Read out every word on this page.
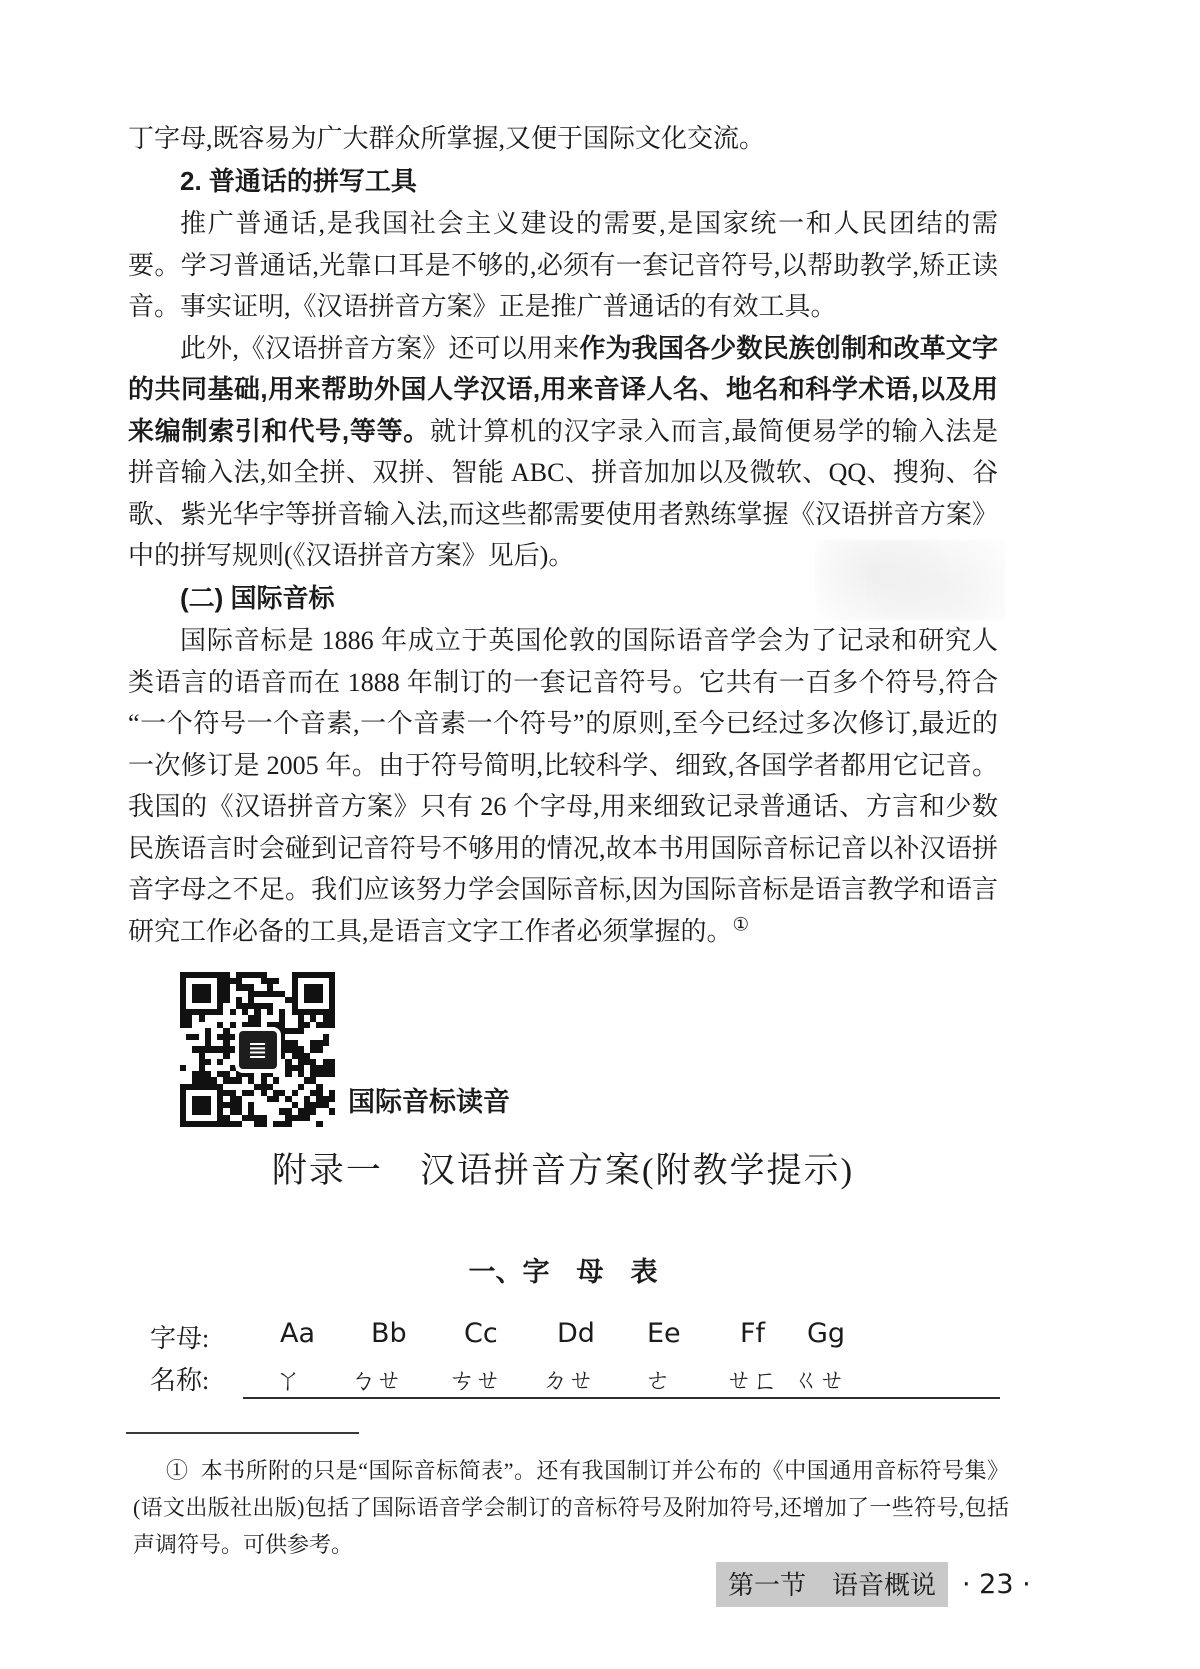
丁字母,既容易为广大群众所掌握,又便于国际文化交流。

2. 普通话的拼写工具

推广普通话,是我国社会主义建设的需要,是国家统一和人民团结的需要。学习普通话,光靠口耳是不够的,必须有一套记音符号,以帮助教学,矫正读音。事实证明,《汉语拼音方案》正是推广普通话的有效工具。

此外,《汉语拼音方案》还可以用来作为我国各少数民族创制和改革文字的共同基础,用来帮助外国人学汉语,用来音译人名、地名和科学术语,以及用来编制索引和代号,等等。就计算机的汉字录入而言,最简便易学的输入法是拼音输入法,如全拼、双拼、智能 ABC、拼音加加以及微软、QQ、搜狗、谷歌、紫光华宇等拼音输入法,而这些都需要使用者熟练掌握《汉语拼音方案》中的拼写规则(《汉语拼音方案》见后)。

(二) 国际音标

国际音标是 1886 年成立于英国伦敦的国际语音学会为了记录和研究人类语言的语音而在 1888 年制订的一套记音符号。它共有一百多个符号,符合“一个符号一个音素,一个音素一个符号”的原则,至今已经过多次修订,最近的一次修订是 2005 年。由于符号简明,比较科学、细致,各国学者都用它记音。我国的《汉语拼音方案》只有 26 个字母,用来细致记录普通话、方言和少数民族语言时会碰到记音符号不够用的情况,故本书用国际音标记音以补汉语拼音字母之不足。我们应该努力学会国际音标,因为国际音标是语言教学和语言研究工作必备的工具,是语言文字工作者必须掌握的。①

≣
国际音标读音
附录一　汉语拼音方案(附教学提示)
一、字　母　表
字母:	Aa Bb Cc Dd Ee Ff Gg
名称:	ㄚ ㄅㄝ ㄘㄝ ㄉㄝ ㄜ ㄝㄈ ㄍㄝ

① 本书所附的只是“国际音标简表”。还有我国制订并公布的《中国通用音标符号集》(语文出版社出版)包括了国际语音学会制订的音标符号及附加符号,还增加了一些符号,包括声调符号。可供参考。

第一节　语音概说 · 23 ·
